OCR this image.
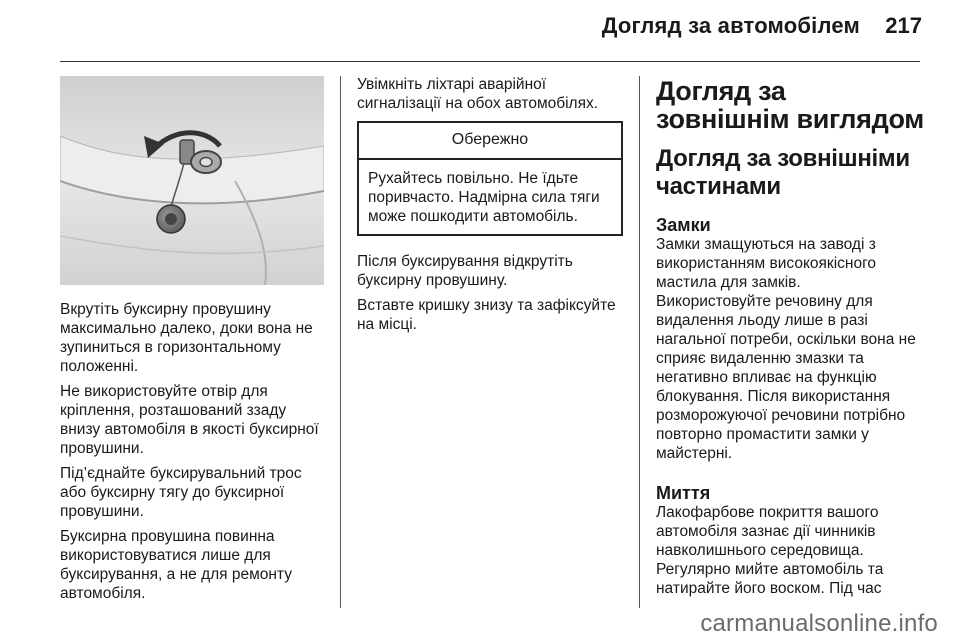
Догляд за автомобілем 217

Вкрутіть буксирну провушину максимально далеко, доки вона не зупиниться в горизонтальному положенні.

Не використовуйте отвір для кріплення, розташований ззаду внизу автомобіля в якості буксирної провушини.

Під’єднайте буксирувальний трос або буксирну тягу до буксирної провушини.

Буксирна провушина повинна використовуватися лише для буксирування, а не для ремонту автомобіля.

Увімкніть ліхтарі аварійної сигналізації на обох автомобілях.

Обережно
Рухайтесь повільно. Не їдьте поривчасто. Надмірна сила тяги може пошкодити автомобіль.

Після буксирування відкрутіть буксирну провушину.

Вставте кришку знизу та зафіксуйте на місці.

Догляд за зовнішнім виглядом
Догляд за зовнішніми частинами
Замки

Замки змащуються на заводі з використанням високоякісного мастила для замків.

Використовуйте речовину для видалення льоду лише в разі нагальної потреби, оскільки вона не сприяє видаленню змазки та негативно впливає на функцію блокування. Після використання розморожуючої речовини потрібно повторно промастити замки у майстерні.

Миття

Лакофарбове покриття вашого автомобіля зазнає дії чинників навколишнього середовища.

Регулярно мийте автомобіль та натирайте його воском. Під час

carmanualsonline.info
